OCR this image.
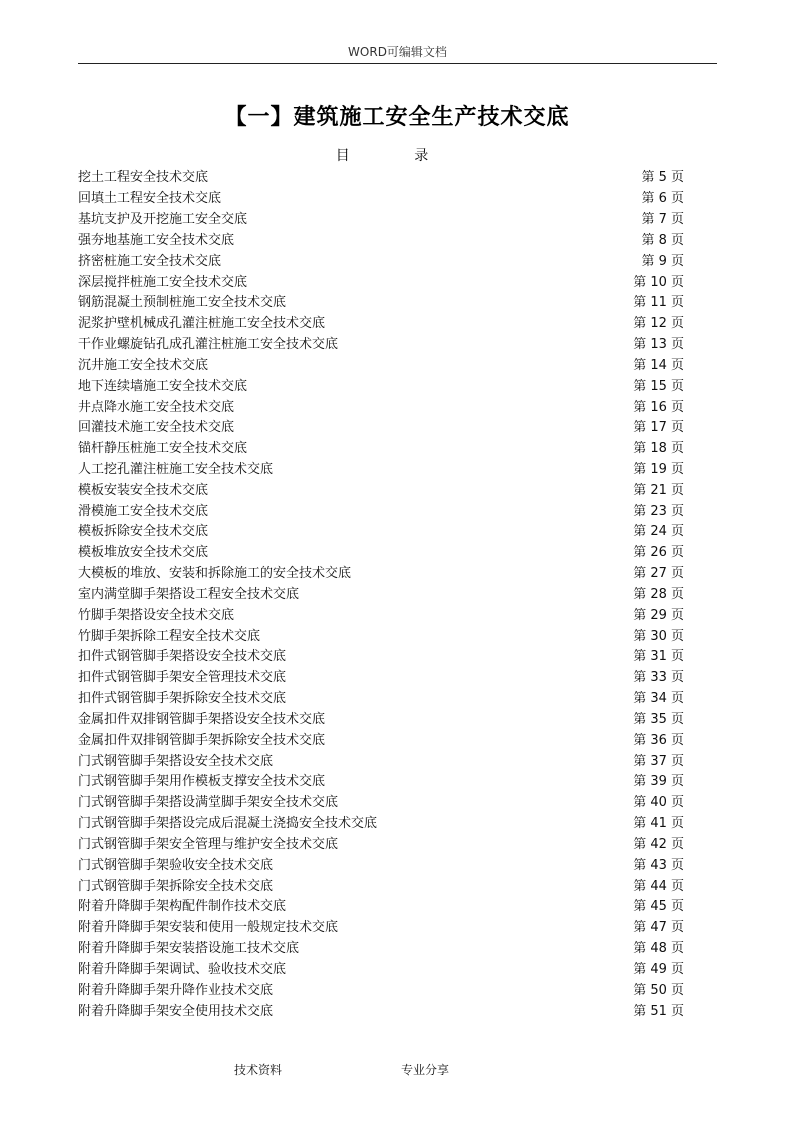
WORD可编辑文档
【一】建筑施工安全生产技术交底
目 录
挖土工程安全技术交底	第 5 页
回填土工程安全技术交底	第 6 页
基坑支护及开挖施工安全交底	第 7 页
强夯地基施工安全技术交底	第 8 页
挤密桩施工安全技术交底	第 9 页
深层搅拌桩施工安全技术交底	第 10 页
钢筋混凝土预制桩施工安全技术交底	第 11 页
泥浆护壁机械成孔灌注桩施工安全技术交底	第 12 页
干作业螺旋钻孔成孔灌注桩施工安全技术交底	第 13 页
沉井施工安全技术交底	第 14 页
地下连续墙施工安全技术交底	第 15 页
井点降水施工安全技术交底	第 16 页
回灌技术施工安全技术交底	第 17 页
锚杆静压桩施工安全技术交底	第 18 页
人工挖孔灌注桩施工安全技术交底	第 19 页
模板安装安全技术交底	第 21 页
滑模施工安全技术交底	第 23 页
模板拆除安全技术交底	第 24 页
模板堆放安全技术交底	第 26 页
大模板的堆放、安装和拆除施工的安全技术交底	第 27 页
室内满堂脚手架搭设工程安全技术交底	第 28 页
竹脚手架搭设安全技术交底	第 29 页
竹脚手架拆除工程安全技术交底	第 30 页
扣件式钢管脚手架搭设安全技术交底	第 31 页
扣件式钢管脚手架安全管理技术交底	第 33 页
扣件式钢管脚手架拆除安全技术交底	第 34 页
金属扣件双排钢管脚手架搭设安全技术交底	第 35 页
金属扣件双排钢管脚手架拆除安全技术交底	第 36 页
门式钢管脚手架搭设安全技术交底	第 37 页
门式钢管脚手架用作模板支撑安全技术交底	第 39 页
门式钢管脚手架搭设满堂脚手架安全技术交底	第 40 页
门式钢管脚手架搭设完成后混凝土浇捣安全技术交底	第 41 页
门式钢管脚手架安全管理与维护安全技术交底	第 42 页
门式钢管脚手架验收安全技术交底	第 43 页
门式钢管脚手架拆除安全技术交底	第 44 页
附着升降脚手架构配件制作技术交底	第 45 页
附着升降脚手架安装和使用一般规定技术交底	第 47 页
附着升降脚手架安装搭设施工技术交底	第 48 页
附着升降脚手架调试、验收技术交底	第 49 页
附着升降脚手架升降作业技术交底	第 50 页
附着升降脚手架安全使用技术交底	第 51 页
技术资料	专业分享
